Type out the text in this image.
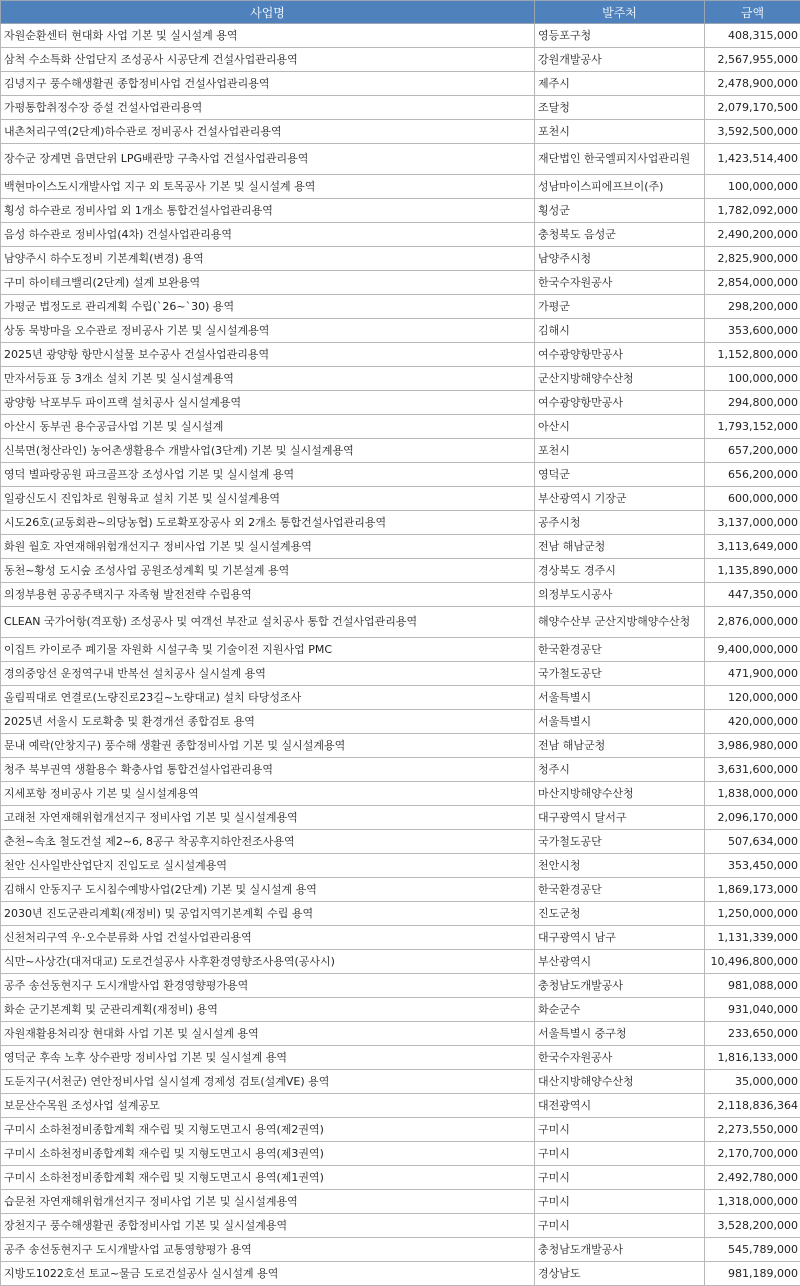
사업명	발주처	금액
자원순환센터 현대화 사업 기본 및 실시설계 용역	영등포구청	408,315,000
삼척 수소특화 산업단지 조성공사 시공단계 건설사업관리용역	강원개발공사	2,567,955,000
김녕지구 풍수해생활권 종합정비사업 건설사업관리용역	제주시	2,478,900,000
가평통합취정수장 증설 건설사업관리용역	조달청	2,079,170,500
내촌처리구역(2단계)하수관로 정비공사 건설사업관리용역	포천시	3,592,500,000
장수군 장계면 읍면단위 LPG배관망 구축사업 건설사업관리용역	재단법인 한국엘피지사업관리원	1,423,514,400
백현마이스도시개발사업 지구 외 토목공사 기본 및 실시설계 용역	성남마이스피에프브이(주)	100,000,000
횡성 하수관로 정비사업 외 1개소 통합건설사업관리용역	횡성군	1,782,092,000
음성 하수관로 정비사업(4차) 건설사업관리용역	충청북도 음성군	2,490,200,000
남양주시 하수도정비 기본계획(변경) 용역	남양주시청	2,825,900,000
구미 하이테크밸리(2단계) 설계 보완용역	한국수자원공사	2,854,000,000
가평군 법정도로 관리계획 수립(`26~`30) 용역	가평군	298,200,000
상동 묵방마을 오수관로 정비공사 기본 및 실시설계용역	김해시	353,600,000
2025년 광양항 항만시설물 보수공사 건설사업관리용역	여수광양항만공사	1,152,800,000
만자서등표 등 3개소 설치 기본 및 실시설계용역	군산지방해양수산청	100,000,000
광양항 낙포부두 파이프랙 설치공사 실시설계용역	여수광양항만공사	294,800,000
아산시 동부권 용수공급사업 기본 및 실시설계	아산시	1,793,152,000
신북면(청산라인) 농어촌생활용수 개발사업(3단계) 기본 및 실시설계용역	포천시	657,200,000
영덕 별파랑공원 파크골프장 조성사업 기본 및 실시설계 용역	영덕군	656,200,000
일광신도시 진입차로 원형육교 설치 기본 및 실시설계용역	부산광역시 기장군	600,000,000
시도26호(교동회관~의당농협) 도로확포장공사 외 2개소 통합건설사업관리용역	공주시청	3,137,000,000
화원 월호 자연재해위험개선지구 정비사업 기본 및 실시설계용역	전남 해남군청	3,113,649,000
동천~황성 도시숲 조성사업 공원조성계획 및 기본설계 용역	경상북도 경주시	1,135,890,000
의정부용현 공공주택지구 자족형 발전전략 수립용역	의정부도시공사	447,350,000
CLEAN 국가어항(격포항) 조성공사 및 여객선 부잔교 설치공사 통합 건설사업관리용역	해양수산부 군산지방해양수산청	2,876,000,000
이집트 카이로주 폐기물 자원화 시설구축 및 기술이전 지원사업 PMC	한국환경공단	9,400,000,000
경의중앙선 운정역구내 반복선 설치공사 실시설계 용역	국가철도공단	471,900,000
올림픽대로 연결로(노량진로23길~노량대교) 설치 타당성조사	서울특별시	120,000,000
2025년 서울시 도로확충 및 환경개선 종합검토 용역	서울특별시	420,000,000
문내 예락(안창지구) 풍수해 생활권 종합정비사업 기본 및 실시설계용역	전남 해남군청	3,986,980,000
청주 북부권역 생활용수 확충사업 통합건설사업관리용역	청주시	3,631,600,000
지세포항 정비공사 기본 및 실시설계용역	마산지방해양수산청	1,838,000,000
고래천 자연재해위험개선지구 정비사업 기본 및 실시설계용역	대구광역시 달서구	2,096,170,000
춘천~속초 철도건설 제2~6, 8공구 착공후지하안전조사용역	국가철도공단	507,634,000
천안 신사일반산업단지 진입도로 실시설계용역	천안시청	353,450,000
김해시 안동지구 도시침수예방사업(2단계) 기본 및 실시설계 용역	한국환경공단	1,869,173,000
2030년 진도군관리계획(재정비) 및 공업지역기본계획 수립 용역	진도군청	1,250,000,000
신천처리구역 우·오수분류화 사업 건설사업관리용역	대구광역시 남구	1,131,339,000
식만~사상간(대저대교) 도로건설공사 사후환경영향조사용역(공사시)	부산광역시	10,496,800,000
공주 송선동현지구 도시개발사업 환경영향평가용역	충청남도개발공사	981,088,000
화순 군기본계획 및 군관리계획(재정비) 용역	화순군수	931,040,000
자원재활용처리장 현대화 사업 기본 및 실시설계 용역	서울특별시 중구청	233,650,000
영덕군 후속 노후 상수관망 정비사업 기본 및 실시설계 용역	한국수자원공사	1,816,133,000
도둔지구(서천군) 연안정비사업 실시설계 경제성 검토(설계VE) 용역	대산지방해양수산청	35,000,000
보문산수목원 조성사업 설계공모	대전광역시	2,118,836,364
구미시 소하천정비종합계획 재수립 및 지형도면고시 용역(제2권역)	구미시	2,273,550,000
구미시 소하천정비종합계획 재수립 및 지형도면고시 용역(제3권역)	구미시	2,170,700,000
구미시 소하천정비종합계획 재수립 및 지형도면고시 용역(제1권역)	구미시	2,492,780,000
습문천 자연재해위험개선지구 정비사업 기본 및 실시설계용역	구미시	1,318,000,000
장천지구 풍수해생활권 종합정비사업 기본 및 실시설계용역	구미시	3,528,200,000
공주 송선동현지구 도시개발사업 교통영향평가 용역	충청남도개발공사	545,789,000
지방도1022호선 토교~물금 도로건설공사 실시설계 용역	경상남도	981,189,000
